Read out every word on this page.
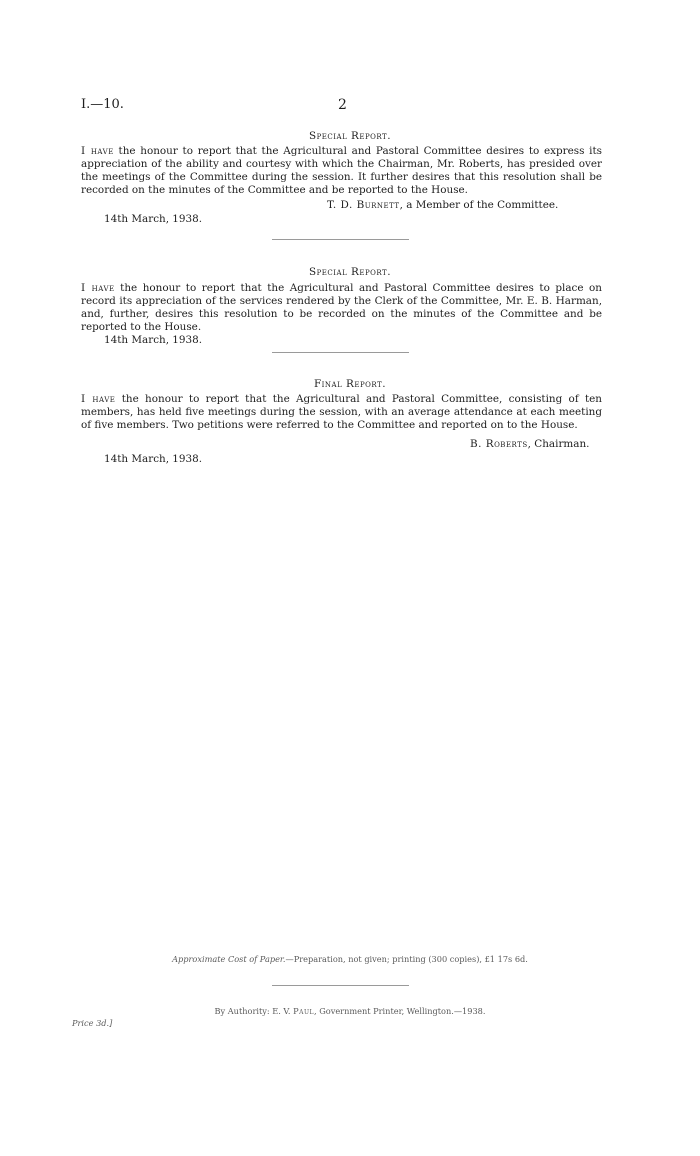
I.—10.	2
Special Report.
I have the honour to report that the Agricultural and Pastoral Committee desires to express its appreciation of the ability and courtesy with which the Chairman, Mr. Roberts, has presided over the meetings of the Committee during the session. It further desires that this resolution shall be recorded on the minutes of the Committee and be reported to the House.
T. D. Burnett, a Member of the Committee.
14th March, 1938.
Special Report.
I have the honour to report that the Agricultural and Pastoral Committee desires to place on record its appreciation of the services rendered by the Clerk of the Committee, Mr. E. B. Harman, and, further, desires this resolution to be recorded on the minutes of the Committee and be reported to the House.
14th March, 1938.
Final Report.
I have the honour to report that the Agricultural and Pastoral Committee, consisting of ten members, has held five meetings during the session, with an average attendance at each meeting of five members. Two petitions were referred to the Committee and reported on to the House.
B. Roberts, Chairman.
14th March, 1938.
Approximate Cost of Paper.—Preparation, not given; printing (300 copies), £1 17s 6d.
By Authority: E. V. Paul, Government Printer, Wellington.—1938.
Price 3d.]
